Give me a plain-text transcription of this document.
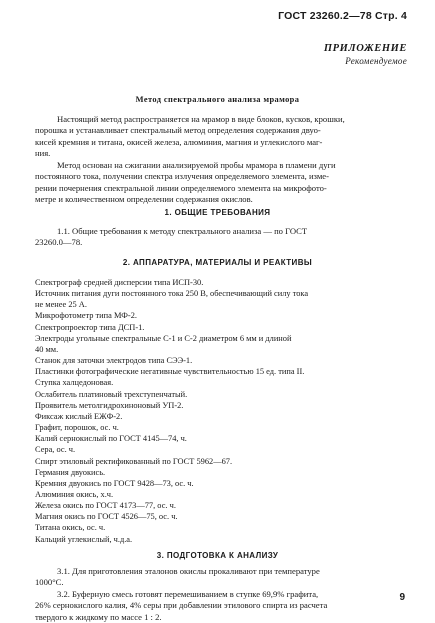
ГОСТ 23260.2—78 Стр. 4
ПРИЛОЖЕНИЕ
Рекомендуемое
Метод спектрального анализа мрамора
Настоящий метод распространяется на мрамор в виде блоков, кусков, крошки,
порошка и устанавливает спектральный метод определения содержания двуо-
кисей кремния и титана, окисей железа, алюминия, магния и углекислого маг-
ния.
Метод основан на сжигании анализируемой пробы мрамора в пламени дуги
постоянного тока, получении спектра излучения определяемого элемента, изме-
рении почернения спектральной линии определяемого элемента на микрофото-
метре и количественном определении содержания окислов.
1. ОБЩИЕ ТРЕБОВАНИЯ
1.1. Общие требования к методу спектрального анализа — по ГОСТ
23260.0—78.
2. АППАРАТУРА, МАТЕРИАЛЫ И РЕАКТИВЫ
Спектрограф средней дисперсии типа ИСП-30.
Источник питания дуги постоянного тока 250 В, обеспечивающий силу тока
не менее 25 А.
Микрофотометр типа МФ-2.
Спектропроектор типа ДСП-1.
Электроды угольные спектральные С-1 и С-2 диаметром 6 мм и длиной
40 мм.
Станок для заточки электродов типа СЭЭ-1.
Пластинки фотографические негативные чувствительностью 15 ед. типа II.
Ступка халцедоновая.
Ослабитель платиновый трехступенчатый.
Проявитель метолгидрохиноновый УП-2.
Фиксаж кислый ЕЖФ-2.
Графит, порошок, ос. ч.
Калий сернокислый по ГОСТ 4145—74, ч.
Сера, ос. ч.
Спирт этиловый ректификованный по ГОСТ 5962—67.
Германия двуокись.
Кремния двуокись по ГОСТ 9428—73, ос. ч.
Алюминия окись, х.ч.
Железа окись по ГОСТ 4173—77, ос. ч.
Магния окись по ГОСТ 4526—75, ос. ч.
Титана окись, ос. ч.
Кальций углекислый, ч.д.а.
3. ПОДГОТОВКА К АНАЛИЗУ
3.1. Для приготовления эталонов окислы прокаливают при температуре
1000°С.
3.2. Буферную смесь готовят перемешиванием в ступке 69,9% графита,
26% сернокислого калия, 4% серы при добавлении этилового спирта из расчета
твердого к жидкому по массе 1 : 2.
9
